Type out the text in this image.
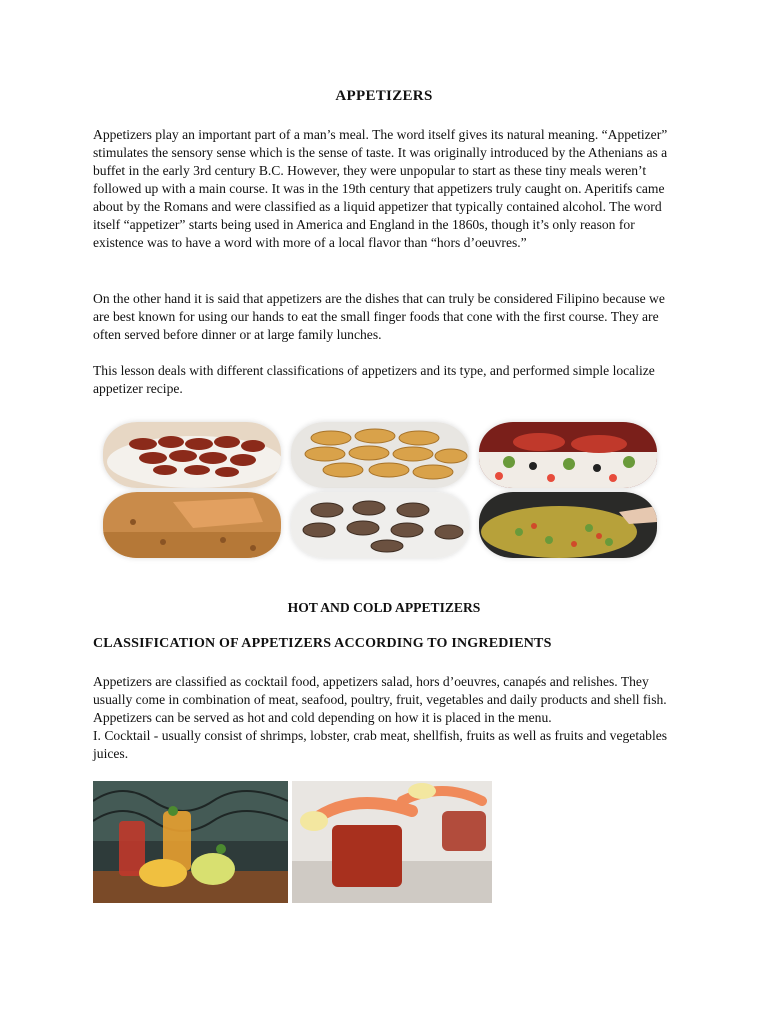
APPETIZERS

Appetizers play an important part of a man’s meal. The word itself gives its natural meaning. “Appetizer” stimulates the sensory sense which is the sense of taste. It was originally introduced by the Athenians as a buffet in the early 3rd century B.C. However, they were unpopular to start as these tiny meals weren’t followed up with a main course. It was in the 19th century that appetizers truly caught on. Aperitifs came about by the Romans and were classified as a liquid appetizer that typically contained alcohol. The word itself “appetizer” starts being used in America and England in the 1860s, though it’s only reason for existence was to have a word with more of a local flavor than “hors d’oeuvres.”

On the other hand it is said that appetizers are the dishes that can truly be considered Filipino because we are best known for using our hands to eat the small finger foods that cone with the first course. They are often served before dinner or at large family lunches.

This lesson deals with different classifications of appetizers and its type, and performed simple localize appetizer recipe.

HOT AND COLD APPETIZERS
CLASSIFICATION OF APPETIZERS ACCORDING TO INGREDIENTS

Appetizers are classified as cocktail food, appetizers salad, hors d’oeuvres, canapés and relishes. They usually come in combination of meat, seafood, poultry, fruit, vegetables and daily products and shell fish. Appetizers can be served as hot and cold depending on how it is placed in the menu.
I. Cocktail - usually consist of shrimps, lobster, crab meat, shellfish, fruits as well as fruits and vegetables juices.
